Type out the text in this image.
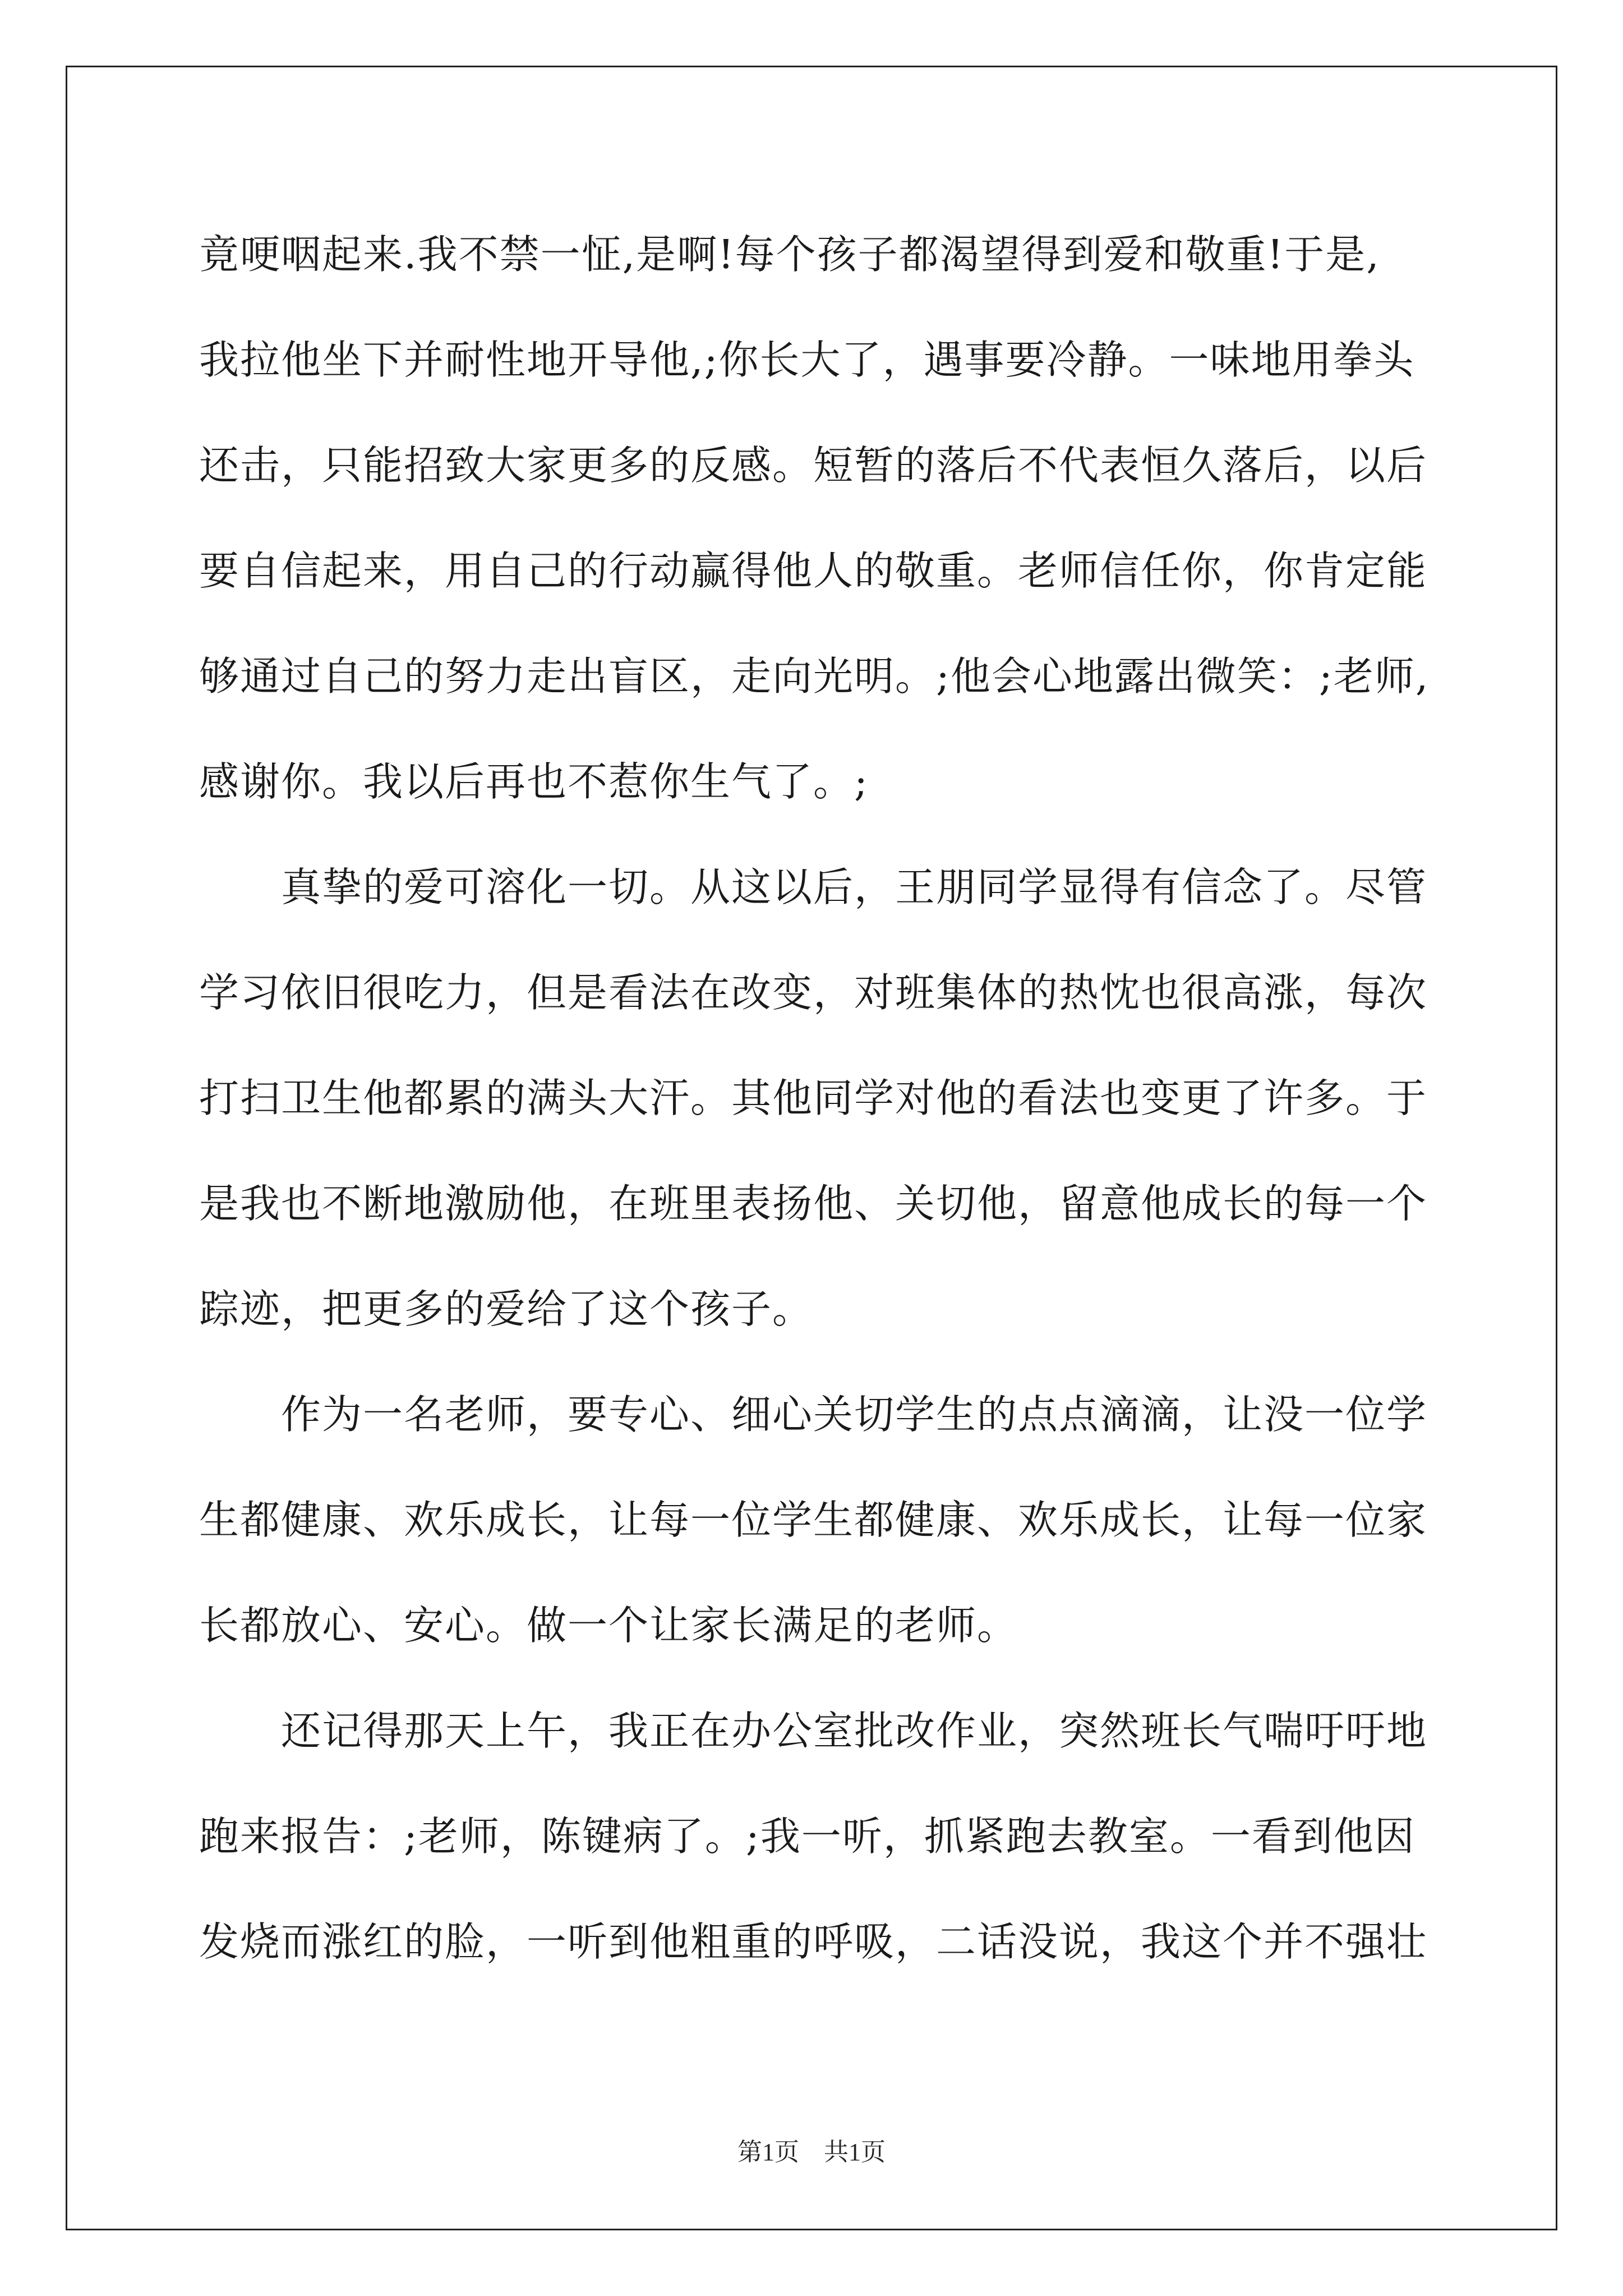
竟哽咽起来.我不禁一怔,是啊!每个孩子都渴望得到爱和敬重!于是,
我拉他坐下并耐性地开导他,;你长大了，遇事要冷静。一味地用拳头
还击，只能招致大家更多的反感。短暂的落后不代表恒久落后，以后
要自信起来，用自己的行动赢得他人的敬重。老师信任你，你肯定能
够通过自己的努力走出盲区，走向光明。;他会心地露出微笑：;老师,
感谢你。我以后再也不惹你生气了。;
　　真挚的爱可溶化一切。从这以后，王朋同学显得有信念了。尽管
学习依旧很吃力，但是看法在改变，对班集体的热忱也很高涨，每次
打扫卫生他都累的满头大汗。其他同学对他的看法也变更了许多。于
是我也不断地激励他，在班里表扬他、关切他，留意他成长的每一个
踪迹，把更多的爱给了这个孩子。
　　作为一名老师，要专心、细心关切学生的点点滴滴，让没一位学
生都健康、欢乐成长，让每一位学生都健康、欢乐成长，让每一位家
长都放心、安心。做一个让家长满足的老师。
　　还记得那天上午，我正在办公室批改作业，突然班长气喘吁吁地
跑来报告：;老师，陈键病了。;我一听，抓紧跑去教室。一看到他因
发烧而涨红的脸，一听到他粗重的呼吸，二话没说，我这个并不强壮
第1页　共1页
